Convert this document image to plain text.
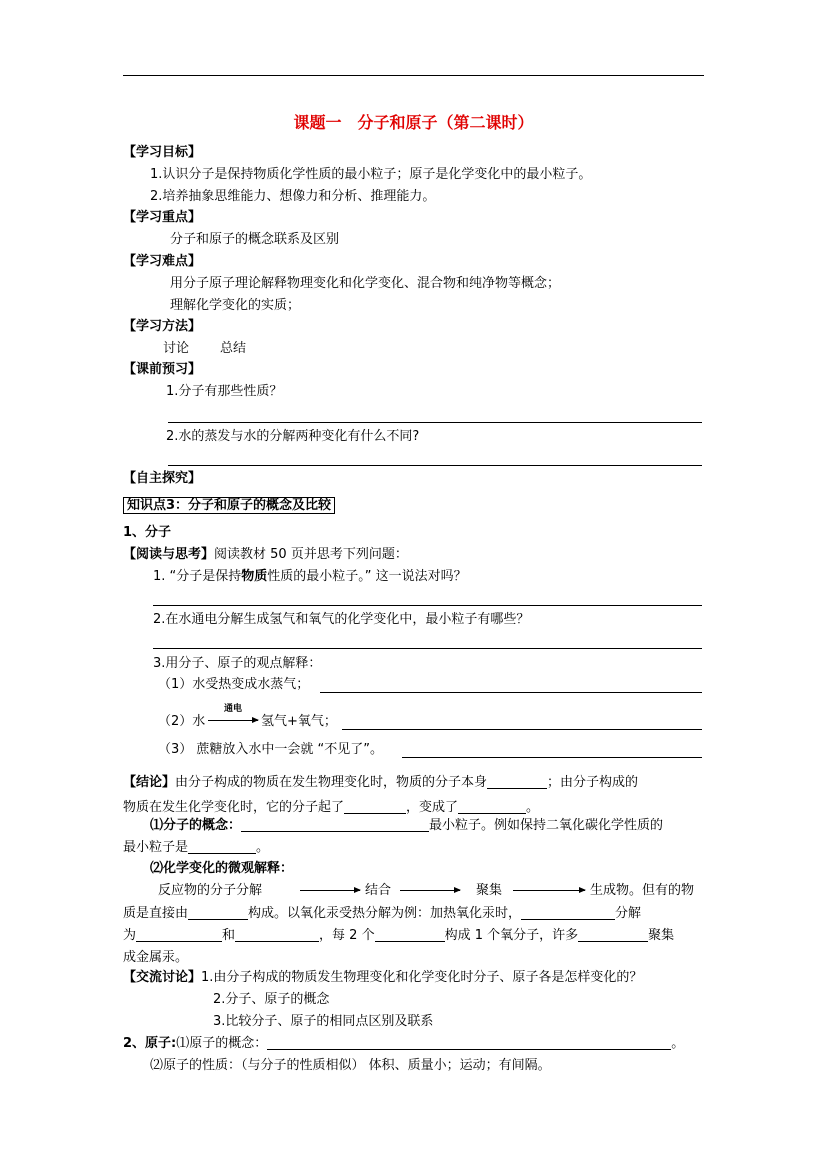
课题一　分子和原子（第二课时）
【学习目标】
1.认识分子是保持物质化学性质的最小粒子；原子是化学变化中的最小粒子。
2.培养抽象思维能力、想像力和分析、推理能力。
【学习重点】
分子和原子的概念联系及区别
【学习难点】
用分子原子理论解释物理变化和化学变化、混合物和纯净物等概念；
理解化学变化的实质；
【学习方法】
讨论 总结
【课前预习】
1.分子有那些性质？
2.水的蒸发与水的分解两种变化有什么不同?
【自主探究】
知识点3：分子和原子的概念及比较
1、分子
【阅读与思考】阅读教材 50 页并思考下列问题：
1. “分子是保持物质性质的最小粒子。” 这一说法对吗？
2.在水通电分解生成氢气和氧气的化学变化中，最小粒子有哪些？
3.用分子、原子的观点解释：
（1）水受热变成水蒸气；
（2）水
通电
→ 氢气+氧气；
（3） 蔗糖放入水中一会就 “不见了”。
【结论】由分子构成的物质在发生物理变化时，物质的分子本身	；由分子构成的
物质在发生化学变化时，它的分子起了	，变成了	。
⑴分子的概念：	最小粒子。例如保持二氧化碳化学性质的
最小粒子是	。
⑵化学变化的微观解释：
反应物的分子分解	结合	聚集	生成物。但有的物
质是直接由	构成。以氧化汞受热分解为例：加热氧化汞时，	分解
为	和	，每 2 个	构成 1 个氧分子，许多	聚集
成金属汞。
【交流讨论】1.由分子构成的物质发生物理变化和化学变化时分子、原子各是怎样变化的？
2.分子、原子的概念
3.比较分子、原子的相同点区别及联系
2、原子:⑴原子的概念：	。
⑵原子的性质：（与分子的性质相似） 体积、质量小；运动；有间隔。
